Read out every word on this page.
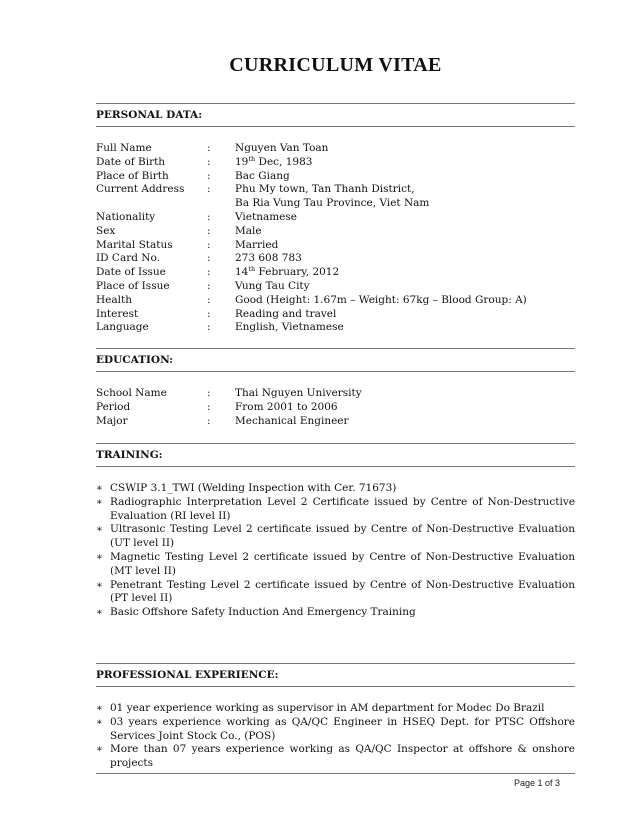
CURRICULUM VITAE
PERSONAL DATA:
Full Name	: Nguyen Van Toan
Date of Birth	: 19th Dec, 1983
Place of Birth	: Bac Giang
Current Address	: Phu My town, Tan Thanh District,
Ba Ria Vung Tau Province, Viet Nam
Nationality	: Vietnamese
Sex	: Male
Marital Status	: Married
ID Card No.	: 273 608 783
Date of Issue	: 14th February, 2012
Place of Issue	: Vung Tau City
Health	: Good (Height: 1.67m – Weight: 67kg – Blood Group: A)
Interest	: Reading and travel
Language	: English, Vietnamese
EDUCATION:
School Name	: Thai Nguyen University
Period	: From 2001 to 2006
Major	: Mechanical Engineer
TRAINING:
∗ CSWIP 3.1_TWI (Welding Inspection with Cer. 71673)
∗ Radiographic Interpretation Level 2 Certificate issued by Centre of Non-Destructive Evaluation (RI level II)
∗ Ultrasonic Testing Level 2 certificate issued by Centre of Non-Destructive Evaluation (UT level II)
∗ Magnetic Testing Level 2 certificate issued by Centre of Non-Destructive Evaluation (MT level II)
∗ Penetrant Testing Level 2 certificate issued by Centre of Non-Destructive Evaluation (PT level II)
∗ Basic Offshore Safety Induction And Emergency Training
PROFESSIONAL EXPERIENCE:
∗ 01 year experience working as supervisor in AM department for Modec Do Brazil
∗ 03 years experience working as QA/QC Engineer in HSEQ Dept. for PTSC Offshore Services Joint Stock Co., (POS)
∗ More than 07 years experience working as QA/QC Inspector at offshore & onshore projects
Page 1 of 3
